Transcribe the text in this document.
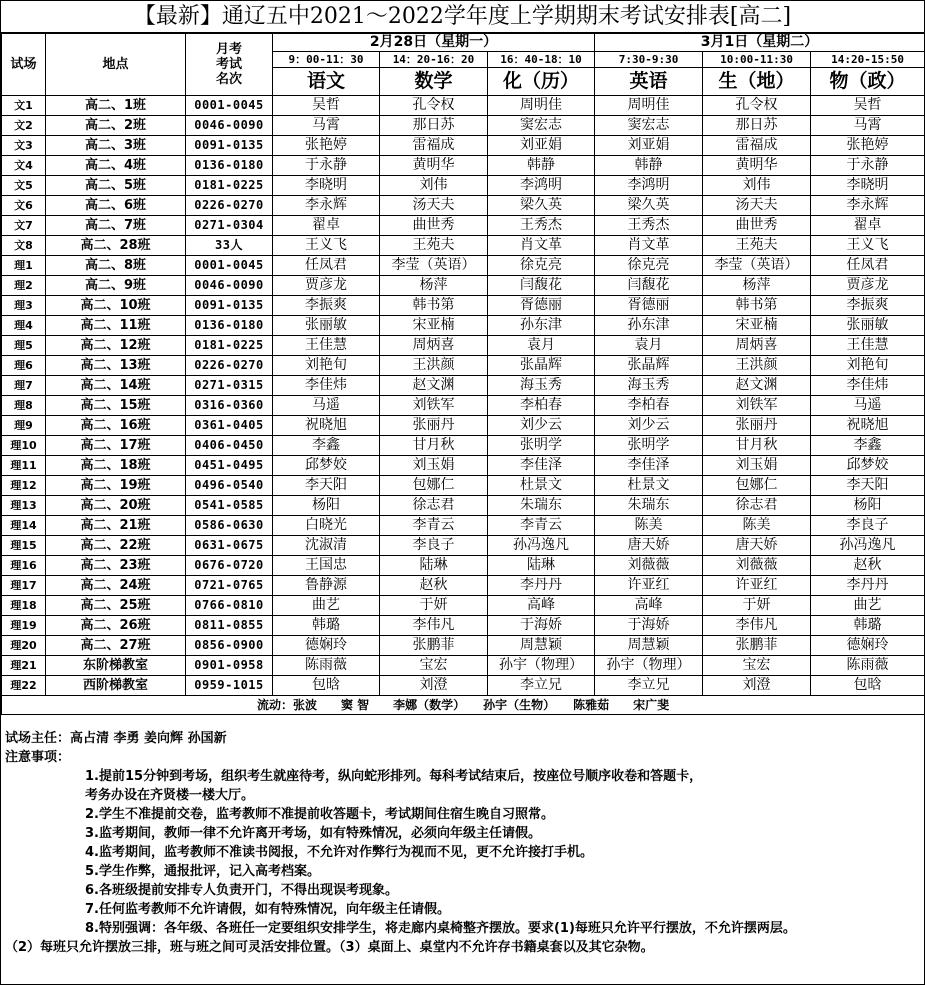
【最新】通辽五中2021～2022学年度上学期期末考试安排表[高二]
试场	地点	月考
考试
名次	2月28日（星期一）			3月1日（星期二）		
			9：00-11：30	14：20-16：20	16：40-18：10	7:30-9:30	10:00-11:30	14:20-15:50
			语文	数学	化（历）	英语	生（地）	物（政）
文1	高二、1班	0001-0045	吴哲	孔令权	周明佳	周明佳	孔令权	吴哲
文2	高二、2班	0046-0090	马霄	那日苏	窦宏志	窦宏志	那日苏	马霄
文3	高二、3班	0091-0135	张艳婷	雷福成	刘亚娟	刘亚娟	雷福成	张艳婷
文4	高二、4班	0136-0180	于永静	黄明华	韩静	韩静	黄明华	于永静
文5	高二、5班	0181-0225	李晓明	刘伟	李鸿明	李鸿明	刘伟	李晓明
文6	高二、6班	0226-0270	李永辉	汤天夫	梁久英	梁久英	汤天夫	李永辉
文7	高二、7班	0271-0304	翟卓	曲世秀	王秀杰	王秀杰	曲世秀	翟卓
文8	高二、28班	33人	王义飞	王苑夫	肖文革	肖文革	王苑夫	王义飞
理1	高二、8班	0001-0045	任凤君	李莹（英语）	徐克亮	徐克亮	李莹（英语）	任凤君
理2	高二、9班	0046-0090	贾彦龙	杨萍	闫馥花	闫馥花	杨萍	贾彦龙
理3	高二、10班	0091-0135	李振爽	韩书第	胥德丽	胥德丽	韩书第	李振爽
理4	高二、11班	0136-0180	张丽敏	宋亚楠	孙东津	孙东津	宋亚楠	张丽敏
理5	高二、12班	0181-0225	王佳慧	周炳喜	袁月	袁月	周炳喜	王佳慧
理6	高二、13班	0226-0270	刘艳旬	王洪颜	张晶辉	张晶辉	王洪颜	刘艳旬
理7	高二、14班	0271-0315	李佳炜	赵文渊	海玉秀	海玉秀	赵文渊	李佳炜
理8	高二、15班	0316-0360	马遥	刘铁军	李柏春	李柏春	刘铁军	马遥
理9	高二、16班	0361-0405	祝晓旭	张丽丹	刘少云	刘少云	张丽丹	祝晓旭
理10	高二、17班	0406-0450	李鑫	甘月秋	张明学	张明学	甘月秋	李鑫
理11	高二、18班	0451-0495	邱梦姣	刘玉娟	李佳泽	李佳泽	刘玉娟	邱梦姣
理12	高二、19班	0496-0540	李天阳	包娜仁	杜景文	杜景文	包娜仁	李天阳
理13	高二、20班	0541-0585	杨阳	徐志君	朱瑞东	朱瑞东	徐志君	杨阳
理14	高二、21班	0586-0630	白晓光	李青云	李青云	陈美	陈美	李良子
理15	高二、22班	0631-0675	沈淑清	李良子	孙冯逸凡	唐天娇	唐天娇	孙冯逸凡
理16	高二、23班	0676-0720	王国忠	陆琳	陆琳	刘薇薇	刘薇薇	赵秋
理17	高二、24班	0721-0765	鲁静源	赵秋	李丹丹	许亚红	许亚红	李丹丹
理18	高二、25班	0766-0810	曲艺	于妍	高峰	高峰	于妍	曲艺
理19	高二、26班	0811-0855	韩璐	李伟凡	于海娇	于海娇	李伟凡	韩璐
理20	高二、27班	0856-0900	德娴玲	张鹏菲	周慧颖	周慧颖	张鹏菲	德娴玲
理21	东阶梯教室	0901-0958	陈雨薇	宝宏	孙宇（物理）	孙宇（物理）	宝宏	陈雨薇
理22	西阶梯教室	0959-1015	包晗	刘澄	李立兄	李立兄	刘澄	包晗
流动：张波　　窦 智　　李娜（数学）　　孙宇（生物）　　陈雅茹　　宋广斐								
试场主任：高占清 李勇 姜向辉 孙国新
注意事项：
1.提前15分钟到考场，组织考生就座待考，纵向蛇形排列。每科考试结束后，按座位号顺序收卷和答题卡，
考务办设在齐贤楼一楼大厅。
2.学生不准提前交卷，监考教师不准提前收答题卡，考试期间住宿生晚自习照常。
3.监考期间，教师一律不允许离开考场，如有特殊情况，必须向年级主任请假。
4.监考期间，监考教师不准读书阅报，不允许对作弊行为视而不见，更不允许接打手机。
5.学生作弊，通报批评，记入高考档案。
6.各班级提前安排专人负责开门，不得出现误考现象。
7.任何监考教师不允许请假，如有特殊情况，向年级主任请假。
8.特别强调：各年级、各班任一定要组织安排学生，将走廊内桌椅整齐摆放。要求(1)每班只允许平行摆放，不允许摆两层。
（2）每班只允许摆放三排，班与班之间可灵活安排位置。（3）桌面上、桌堂内不允许存书籍桌套以及其它杂物。
